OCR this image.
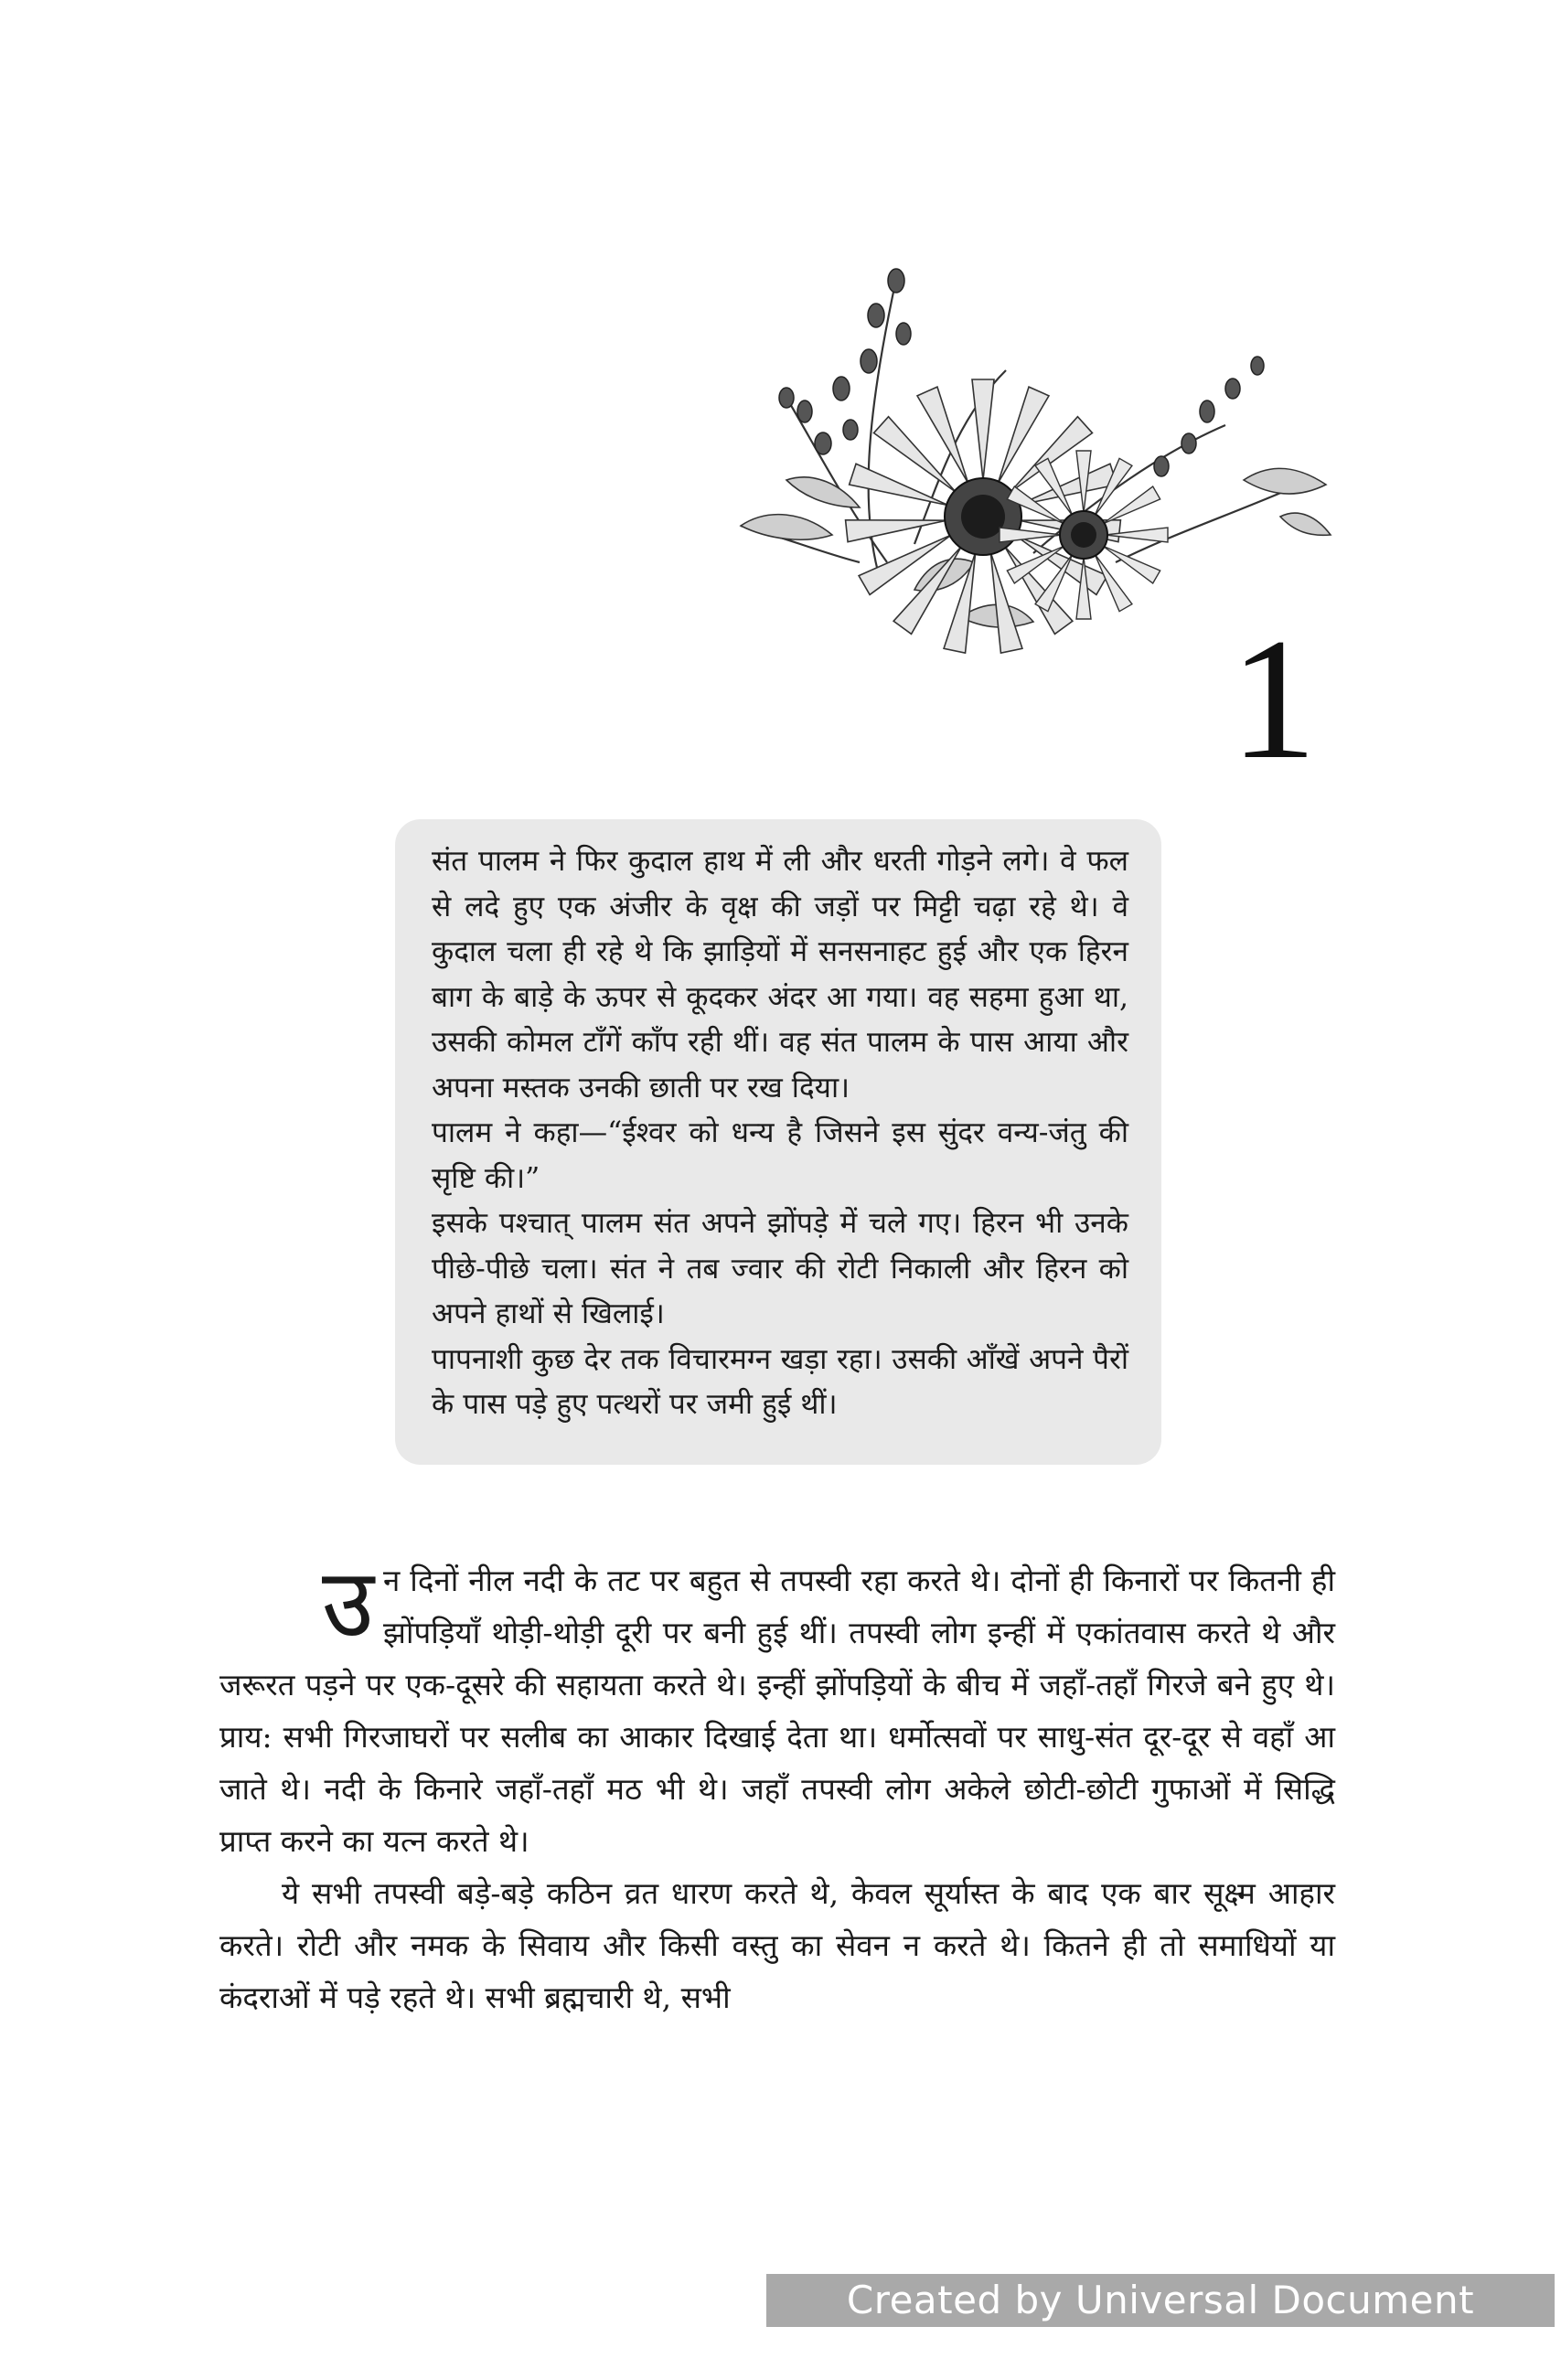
1

संत पालम ने फिर कुदाल हाथ में ली और धरती गोड़ने लगे। वे फल से लदे हुए एक अंजीर के वृक्ष की जड़ों पर मिट्टी चढ़ा रहे थे। वे कुदाल चला ही रहे थे कि झाड़ियों में सनसनाहट हुई और एक हिरन बाग के बाड़े के ऊपर से कूदकर अंदर आ गया। वह सहमा हुआ था, उसकी कोमल टाँगें काँप रही थीं। वह संत पालम के पास आया और अपना मस्तक उनकी छाती पर रख दिया।

पालम ने कहा—“ईश्वर को धन्य है जिसने इस सुंदर वन्य-जंतु की सृष्टि की।”

इसके पश्चात् पालम संत अपने झोंपड़े में चले गए। हिरन भी उनके पीछे-पीछे चला। संत ने तब ज्वार की रोटी निकाली और हिरन को अपने हाथों से खिलाई।

पापनाशी कुछ देर तक विचारमग्न खड़ा रहा। उसकी आँखें अपने पैरों के पास पड़े हुए पत्थरों पर जमी हुई थीं।

उन दिनों नील नदी के तट पर बहुत से तपस्वी रहा करते थे। दोनों ही किनारों पर कितनी ही झोंपड़ियाँ थोड़ी-थोड़ी दूरी पर बनी हुई थीं। तपस्वी लोग इन्हीं में एकांतवास करते थे और जरूरत पड़ने पर एक-दूसरे की सहायता करते थे। इन्हीं झोंपड़ियों के बीच में जहाँ-तहाँ गिरजे बने हुए थे। प्राय: सभी गिरजाघरों पर सलीब का आकार दिखाई देता था। धर्मोत्सवों पर साधु-संत दूर-दूर से वहाँ आ जाते थे। नदी के किनारे जहाँ-तहाँ मठ भी थे। जहाँ तपस्वी लोग अकेले छोटी-छोटी गुफाओं में सिद्धि प्राप्त करने का यत्न करते थे।

ये सभी तपस्वी बड़े-बड़े कठिन व्रत धारण करते थे, केवल सूर्यास्त के बाद एक बार सूक्ष्म आहार करते। रोटी और नमक के सिवाय और किसी वस्तु का सेवन न करते थे। कितने ही तो समाधियों या कंदराओं में पड़े रहते थे। सभी ब्रह्मचारी थे, सभी

Created by Universal Document Converter
